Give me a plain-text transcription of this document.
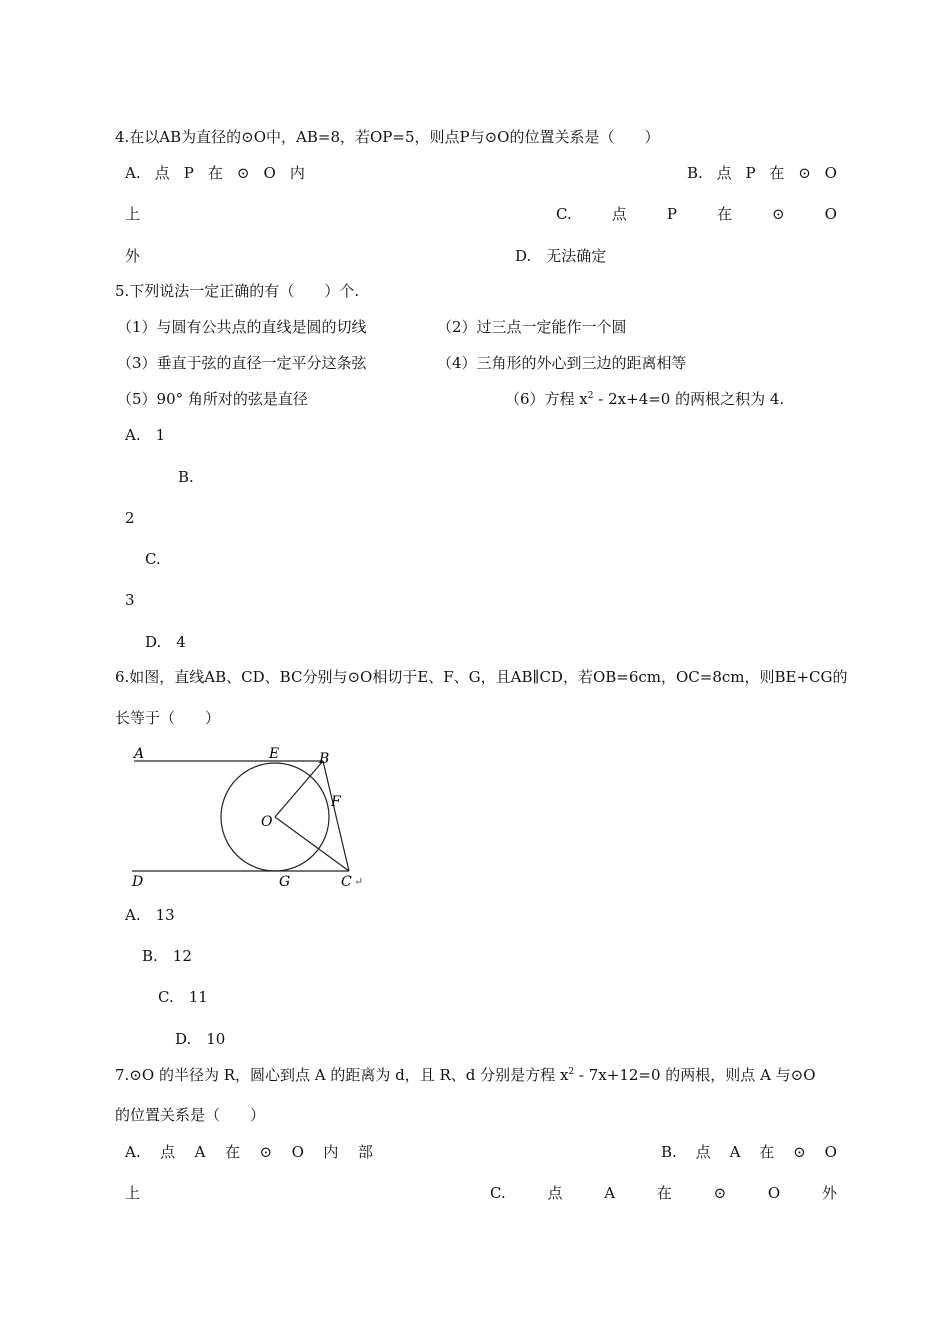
4.在以AB为直径的⊙O中，AB=8，若OP=5，则点P与⊙O的位置关系是（　　）
A. 点 P 在 ⊙ O 内	B. 点 P 在 ⊙ O
上	C.	点	P	在	⊙	O
外	D.　无法确定
5.下列说法一定正确的有（　　）个.
（1）与圆有公共点的直线是圆的切线	（2）过三点一定能作一个圆
（3）垂直于弦的直径一定平分这条弦	（4）三角形的外心到三边的距离相等
（5）90° 角所对的弦是直径	（6）方程 $x^2 - 2x+4=0$ 的两根之积为 4.
A.　1
B.
2
C.
3
D.　4
6.如图，直线AB、CD、BC分别与⊙O相切于E、F、G，且AB∥CD，若OB=6cm，OC=8cm，则BE+CG的
长等于（　　）
A	E	B
F
O
D	G	C ↵
A.　13
B.　12
C.　11
D.　10
7.⊙O 的半径为 R，圆心到点 A 的距离为 d，且 R、d 分别是方程 $x^2 - 7x+12=0$ 的两根，则点 A 与⊙O
的位置关系是（　　）
A. 点 A 在 ⊙ O 内 部	B. 点 A 在 ⊙ O
上	C.	点	A	在	⊙	O	外
